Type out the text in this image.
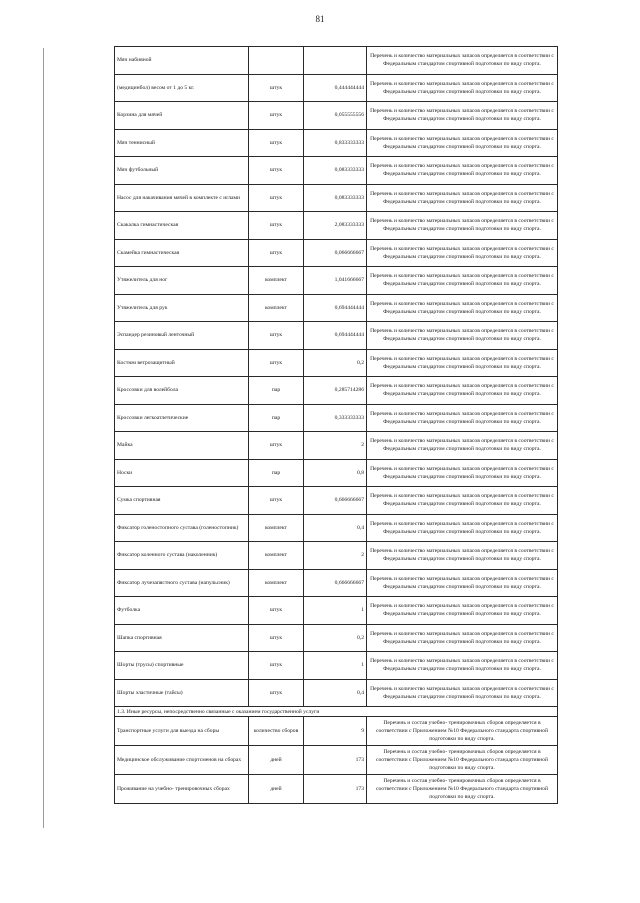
81
Мяч набивной			Перечень и количество материальных запасов определяется в соответствии с Федеральным стандартом спортивной подготовки по виду спорта.
(медицинбол) весом от 1 до 5 кг.	штук	0,444444444	Перечень и количество материальных запасов определяется в соответствии с Федеральным стандартом спортивной подготовки по виду спорта.
Корзина для мячей	штук	0,055555556	Перечень и количество материальных запасов определяется в соответствии с Федеральным стандартом спортивной подготовки по виду спорта.
Мяч теннисный	штук	0,833333333	Перечень и количество материальных запасов определяется в соответствии с Федеральным стандартом спортивной подготовки по виду спорта.
Мяч футбольный	штук	0,083333333	Перечень и количество материальных запасов определяется в соответствии с Федеральным стандартом спортивной подготовки по виду спорта.
Насос для накачивания мячей в комплекте с иглами	штук	0,083333333	Перечень и количество материальных запасов определяется в соответствии с Федеральным стандартом спортивной подготовки по виду спорта.
Скакалка гимнастическая	штук	2,083333333	Перечень и количество материальных запасов определяется в соответствии с Федеральным стандартом спортивной подготовки по виду спорта.
Скамейка гимнастическая	штук	0,066666667	Перечень и количество материальных запасов определяется в соответствии с Федеральным стандартом спортивной подготовки по виду спорта.
Утяжелитель для ног	комплект	1,041666667	Перечень и количество материальных запасов определяется в соответствии с Федеральным стандартом спортивной подготовки по виду спорта.
Утяжелитель для рук	комплект	0,694444444	Перечень и количество материальных запасов определяется в соответствии с Федеральным стандартом спортивной подготовки по виду спорта.
Эспандер резиновый ленточный	штук	0,694444444	Перечень и количество материальных запасов определяется в соответствии с Федеральным стандартом спортивной подготовки по виду спорта.
Костюм ветрозащитный	штук	0,2	Перечень и количество материальных запасов определяется в соответствии с Федеральным стандартом спортивной подготовки по виду спорта.
Кроссовки для волейбола	пар	0,285714286	Перечень и количество материальных запасов определяется в соответствии с Федеральным стандартом спортивной подготовки по виду спорта.
Кроссовки легкоатлетические	пар	0,333333333	Перечень и количество материальных запасов определяется в соответствии с Федеральным стандартом спортивной подготовки по виду спорта.
Майка	штук	2	Перечень и количество материальных запасов определяется в соответствии с Федеральным стандартом спортивной подготовки по виду спорта.
Носки	пар	0,8	Перечень и количество материальных запасов определяется в соответствии с Федеральным стандартом спортивной подготовки по виду спорта.
Сумка спортивная	штук	0,666666667	Перечень и количество материальных запасов определяется в соответствии с Федеральным стандартом спортивной подготовки по виду спорта.
Фиксатор голеностопного сустава (голеностопник)	комплект	0,4	Перечень и количество материальных запасов определяется в соответствии с Федеральным стандартом спортивной подготовки по виду спорта.
Фиксатор коленного сустава (наколенник)	комплект	2	Перечень и количество материальных запасов определяется в соответствии с Федеральным стандартом спортивной подготовки по виду спорта.
Фиксатор лучезапястного сустава (напульсник)	комплект	0,666666667	Перечень и количество материальных запасов определяется в соответствии с Федеральным стандартом спортивной подготовки по виду спорта.
Футболка	штук	1	Перечень и количество материальных запасов определяется в соответствии с Федеральным стандартом спортивной подготовки по виду спорта.
Шапка спортивная	штук	0,2	Перечень и количество материальных запасов определяется в соответствии с Федеральным стандартом спортивной подготовки по виду спорта.
Шорты (трусы) спортивные	штук	1	Перечень и количество материальных запасов определяется в соответствии с Федеральным стандартом спортивной подготовки по виду спорта.
Шорты эластичные (тайсы)	штук	0,4	Перечень и количество материальных запасов определяется в соответствии с Федеральным стандартом спортивной подготовки по виду спорта.
1.3. Иные ресурсы, непосредственно связанные с оказанием государственной услуги			
Транспортные услуги для выезда на сборы	количество сборов	9	Перечень и состав учебно- тренировочных сборов определяется в соответствии с Приложением №10 Федерального стандарта спортивной подготовки по виду спорта.
Медицинское обслуживание спортсменов на сборах	дней	173	Перечень и состав учебно- тренировочных сборов определяется в соответствии с Приложением №10 Федерального стандарта спортивной подготовки по виду спорта.
Проживание на учебно- тренировочных сборах	дней	173	Перечень и состав учебно- тренировочных сборов определяется в соответствии с Приложением №10 Федерального стандарта спортивной подготовки по виду спорта.
